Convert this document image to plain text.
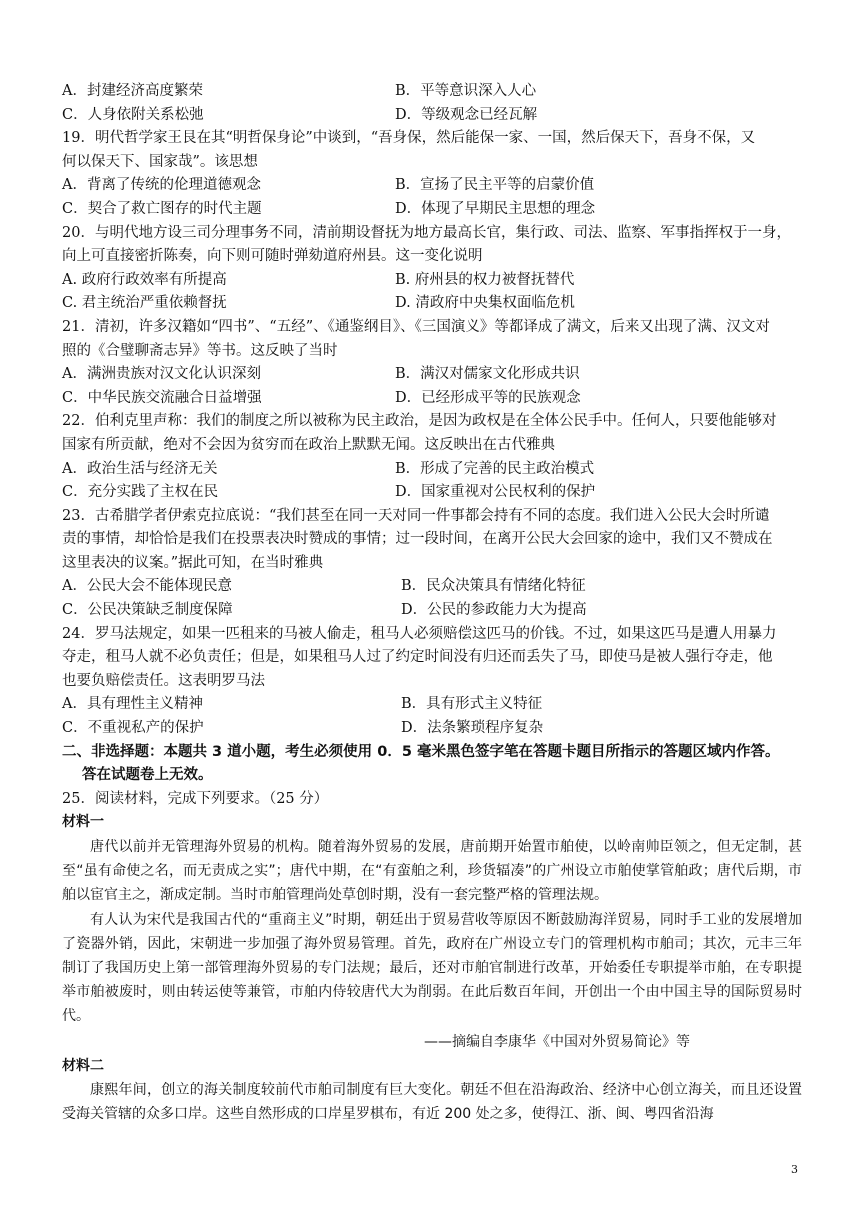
A．封建经济高度繁荣	B．平等意识深入人心
C．人身依附关系松弛	D．等级观念已经瓦解
19．明代哲学家王艮在其“明哲保身论”中谈到，“吾身保，然后能保一家、一国，然后保天下，吾身不保，又
何以保天下、国家哉”。该思想
A．背离了传统的伦理道德观念	B．宣扬了民主平等的启蒙价值
C．契合了救亡图存的时代主题	D．体现了早期民主思想的理念
20．与明代地方设三司分理事务不同，清前期设督抚为地方最高长官，集行政、司法、监察、军事指挥权于一身，
向上可直接密折陈奏，向下则可随时弹劾道府州县。这一变化说明
A. 政府行政效率有所提高	B. 府州县的权力被督抚替代
C. 君主统治严重依赖督抚	D. 清政府中央集权面临危机
21．清初，许多汉籍如“四书”、“五经”、《通鉴纲目》、《三国演义》等都译成了满文，后来又出现了满、汉文对
照的《合璧聊斋志异》等书。这反映了当时
A．满洲贵族对汉文化认识深刻	B．满汉对儒家文化形成共识
C．中华民族交流融合日益增强	D．已经形成平等的民族观念
22．伯利克里声称：我们的制度之所以被称为民主政治，是因为政权是在全体公民手中。任何人，只要他能够对
国家有所贡献，绝对不会因为贫穷而在政治上默默无闻。这反映出在古代雅典
A．政治生活与经济无关	B．形成了完善的民主政治模式
C．充分实践了主权在民	D．国家重视对公民权利的保护
23．古希腊学者伊索克拉底说：“我们甚至在同一天对同一件事都会持有不同的态度。我们进入公民大会时所谴
责的事情，却恰恰是我们在投票表决时赞成的事情；过一段时间，在离开公民大会回家的途中，我们又不赞成在
这里表决的议案。”据此可知，在当时雅典
A．公民大会不能体现民意	B．民众决策具有情绪化特征
C．公民决策缺乏制度保障	D．公民的参政能力大为提高
24．罗马法规定，如果一匹租来的马被人偷走，租马人必须赔偿这匹马的价钱。不过，如果这匹马是遭人用暴力
夺走，租马人就不必负责任；但是，如果租马人过了约定时间没有归还而丢失了马，即使马是被人强行夺走，他
也要负赔偿责任。这表明罗马法
A．具有理性主义精神	B．具有形式主义特征
C．不重视私产的保护	D．法条繁琐程序复杂
二、非选择题：本题共 3 道小题，考生必须使用 0．5 毫米黑色签字笔在答题卡题目所指示的答题区域内作答。
答在试题卷上无效。
25．阅读材料，完成下列要求。（25 分）
材料一
唐代以前并无管理海外贸易的机构。随着海外贸易的发展，唐前期开始置市舶使，以岭南帅臣领之，但无定制，甚至“虽有命使之名，而无责成之实”；唐代中期，在“有蛮舶之利，珍货辐凑”的广州设立市舶使掌管舶政；唐代后期，市舶以宦官主之，渐成定制。当时市舶管理尚处草创时期，没有一套完整严格的管理法规。
有人认为宋代是我国古代的“重商主义”时期，朝廷出于贸易营收等原因不断鼓励海洋贸易，同时手工业的发展增加了瓷器外销，因此，宋朝进一步加强了海外贸易管理。首先，政府在广州设立专门的管理机构市舶司；其次，元丰三年制订了我国历史上第一部管理海外贸易的专门法规；最后，还对市舶官制进行改革，开始委任专职提举市舶，在专职提举市舶被废时，则由转运使等兼管，市舶内侍较唐代大为削弱。在此后数百年间，开创出一个由中国主导的国际贸易时代。
——摘编自李康华《中国对外贸易简论》等
材料二
康熙年间，创立的海关制度较前代市舶司制度有巨大变化。朝廷不但在沿海政治、经济中心创立海关，而且还设置受海关管辖的众多口岸。这些自然形成的口岸星罗棋布，有近 200 处之多，使得江、浙、闽、粤四省沿海
3
